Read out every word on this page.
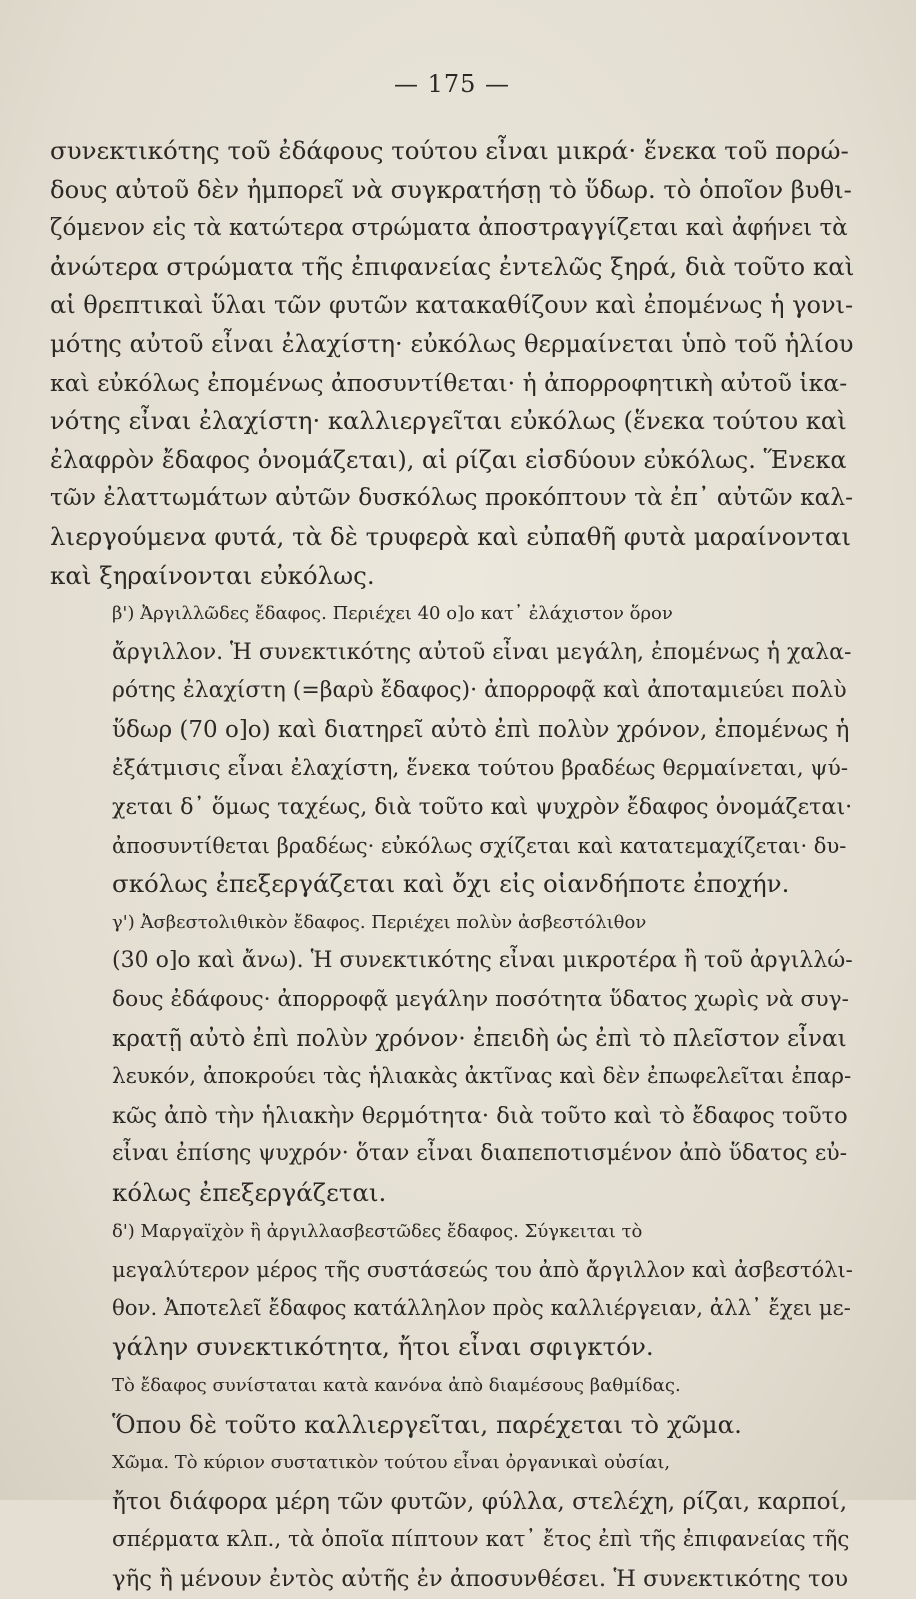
— 175 —

συνεκτικότης τοῦ ἐδάφους τούτου εἶναι μικρά· ἕνεκα τοῦ πορώ-
δους αὐτοῦ δὲν ἠμπορεῖ νὰ συγκρατήσῃ τὸ ὕδωρ. τὸ ὁποῖον βυθι-
ζόμενον εἰς τὰ κατώτερα στρώματα ἀποστραγγίζεται καὶ ἀφήνει τὰ
ἀνώτερα στρώματα τῆς ἐπιφανείας ἐντελῶς ξηρά, διὰ τοῦτο καὶ
αἱ θρεπτικαὶ ὕλαι τῶν φυτῶν κατακαθίζουν καὶ ἐπομένως ἡ γονι-
μότης αὐτοῦ εἶναι ἐλαχίστη· εὐκόλως θερμαίνεται ὑπὸ τοῦ ἡλίου
καὶ εὐκόλως ἐπομένως ἀποσυντίθεται· ἡ ἀπορροφητικὴ αὐτοῦ ἱκα-
νότης εἶναι ἐλαχίστη· καλλιεργεῖται εὐκόλως (ἕνεκα τούτου καὶ
ἐλαφρὸν ἔδαφος ὀνομάζεται), αἱ ρίζαι εἰσδύουν εὐκόλως. Ἕνεκα
τῶν ἐλαττωμάτων αὐτῶν δυσκόλως προκόπτουν τὰ ἐπ᾽ αὐτῶν καλ-
λιεργούμενα φυτά, τὰ δὲ τρυφερὰ καὶ εὐπαθῆ φυτὰ μαραίνονται
καὶ ξηραίνονται εὐκόλως.

β') Ἀργιλλῶδες ἔδαφος. Περιέχει 40 ο]ο κατ᾽ ἐλάχιστον ὅρον
ἄργιλλον. Ἡ συνεκτικότης αὐτοῦ εἶναι μεγάλη, ἐπομένως ἡ χαλα-
ρότης ἐλαχίστη (=βαρὺ ἔδαφος)· ἀπορροφᾷ καὶ ἀποταμιεύει πολὺ
ὕδωρ (70 ο]ο) καὶ διατηρεῖ αὐτὸ ἐπὶ πολὺν χρόνον, ἐπομένως ἡ
ἐξάτμισις εἶναι ἐλαχίστη, ἕνεκα τούτου βραδέως θερμαίνεται, ψύ-
χεται δ᾽ ὅμως ταχέως, διὰ τοῦτο καὶ ψυχρὸν ἔδαφος ὀνομάζεται·
ἀποσυντίθεται βραδέως· εὐκόλως σχίζεται καὶ κατατεμαχίζεται· δυ-
σκόλως ἐπεξεργάζεται καὶ ὄχι εἰς οἱανδήποτε ἐποχήν.

γ') Ἀσβεστολιθικὸν ἔδαφος. Περιέχει πολὺν ἀσβεστόλιθον
(30 ο]ο καὶ ἄνω). Ἡ συνεκτικότης εἶναι μικροτέρα ἢ τοῦ ἀργιλλώ-
δους ἐδάφους· ἀπορροφᾷ μεγάλην ποσότητα ὕδατος χωρὶς νὰ συγ-
κρατῇ αὐτὸ ἐπὶ πολὺν χρόνον· ἐπειδὴ ὡς ἐπὶ τὸ πλεῖστον εἶναι
λευκόν, ἀποκρούει τὰς ἡλιακὰς ἀκτῖνας καὶ δὲν ἐπωφελεῖται ἐπαρ-
κῶς ἀπὸ τὴν ἡλιακὴν θερμότητα· διὰ τοῦτο καὶ τὸ ἔδαφος τοῦτο
εἶναι ἐπίσης ψυχρόν· ὅταν εἶναι διαπεποτισμένον ἀπὸ ὕδατος εὐ-
κόλως ἐπεξεργάζεται.

δ') Μαργαϊχὸν ἢ ἀργιλλασβεστῶδες ἔδαφος. Σύγκειται τὸ
μεγαλύτερον μέρος τῆς συστάσεώς του ἀπὸ ἄργιλλον καὶ ἀσβεστόλι-
θον. Ἀποτελεῖ ἔδαφος κατάλληλον πρὸς καλλιέργειαν, ἀλλ᾽ ἔχει με-
γάλην συνεκτικότητα, ἤτοι εἶναι σφιγκτόν.

Τὸ ἔδαφος συνίσταται κατὰ κανόνα ἀπὸ διαμέσους βαθμίδας.
Ὅπου δὲ τοῦτο καλλιεργεῖται, παρέχεται τὸ χῶμα.

Χῶμα. Τὸ κύριον συστατικὸν τούτου εἶναι ὀργανικαὶ οὐσίαι,
ἤτοι διάφορα μέρη τῶν φυτῶν, φύλλα, στελέχη, ρίζαι, καρποί,
σπέρματα κλπ., τὰ ὁποῖα πίπτουν κατ᾽ ἔτος ἐπὶ τῆς ἐπιφανείας τῆς
γῆς ἢ μένουν ἐντὸς αὐτῆς ἐν ἀποσυνθέσει. Ἡ συνεκτικότης του
